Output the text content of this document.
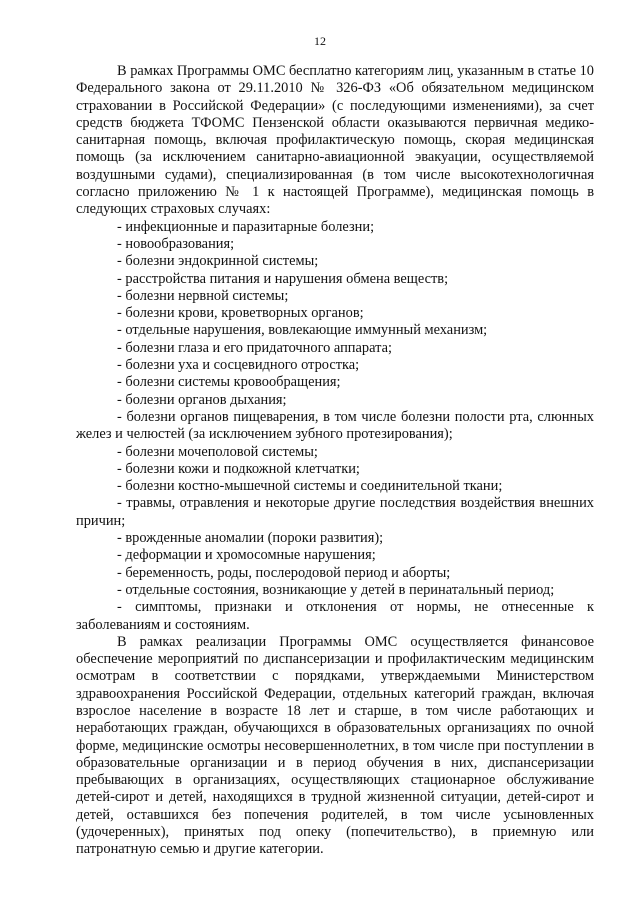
12

В рамках Программы ОМС бесплатно категориям лиц, указанным в статье 10 Федерального закона от 29.11.2010 № 326-ФЗ «Об обязательном медицинском страховании в Российской Федерации» (с последующими изменениями), за счет средств бюджета ТФОМС Пензенской области оказываются первичная медико-санитарная помощь, включая профилактическую помощь, скорая медицинская помощь (за исключением санитарно-авиационной эвакуации, осуществляемой воздушными судами), специализированная (в том числе высокотехнологичная согласно приложению № 1 к настоящей Программе), медицинская помощь в следующих страховых случаях:

- инфекционные и паразитарные болезни;
- новообразования;
- болезни эндокринной системы;
- расстройства питания и нарушения обмена веществ;
- болезни нервной системы;
- болезни крови, кроветворных органов;
- отдельные нарушения, вовлекающие иммунный механизм;
- болезни глаза и его придаточного аппарата;
- болезни уха и сосцевидного отростка;
- болезни системы кровообращения;
- болезни органов дыхания;
- болезни органов пищеварения, в том числе болезни полости рта, слюнных желез и челюстей (за исключением зубного протезирования);
- болезни мочеполовой системы;
- болезни кожи и подкожной клетчатки;
- болезни костно-мышечной системы и соединительной ткани;
- травмы, отравления и некоторые другие последствия воздействия внешних причин;
- врожденные аномалии (пороки развития);
- деформации и хромосомные нарушения;
- беременность, роды, послеродовой период и аборты;
- отдельные состояния, возникающие у детей в перинатальный период;
- симптомы, признаки и отклонения от нормы, не отнесенные к заболеваниям и состояниям.

В рамках реализации Программы ОМС осуществляется финансовое обеспечение мероприятий по диспансеризации и профилактическим медицинским осмотрам в соответствии с порядками, утверждаемыми Министерством здравоохранения Российской Федерации, отдельных категорий граждан, включая взрослое население в возрасте 18 лет и старше, в том числе работающих и неработающих граждан, обучающихся в образовательных организациях по очной форме, медицинские осмотры несовершеннолетних, в том числе при поступлении в образовательные организации и в период обучения в них, диспансеризации пребывающих в организациях, осуществляющих стационарное обслуживание детей-сирот и детей, находящихся в трудной жизненной ситуации, детей-сирот и детей, оставшихся без попечения родителей, в том числе усыновленных (удочеренных), принятых под опеку (попечительство), в приемную или патронатную семью и другие категории.
